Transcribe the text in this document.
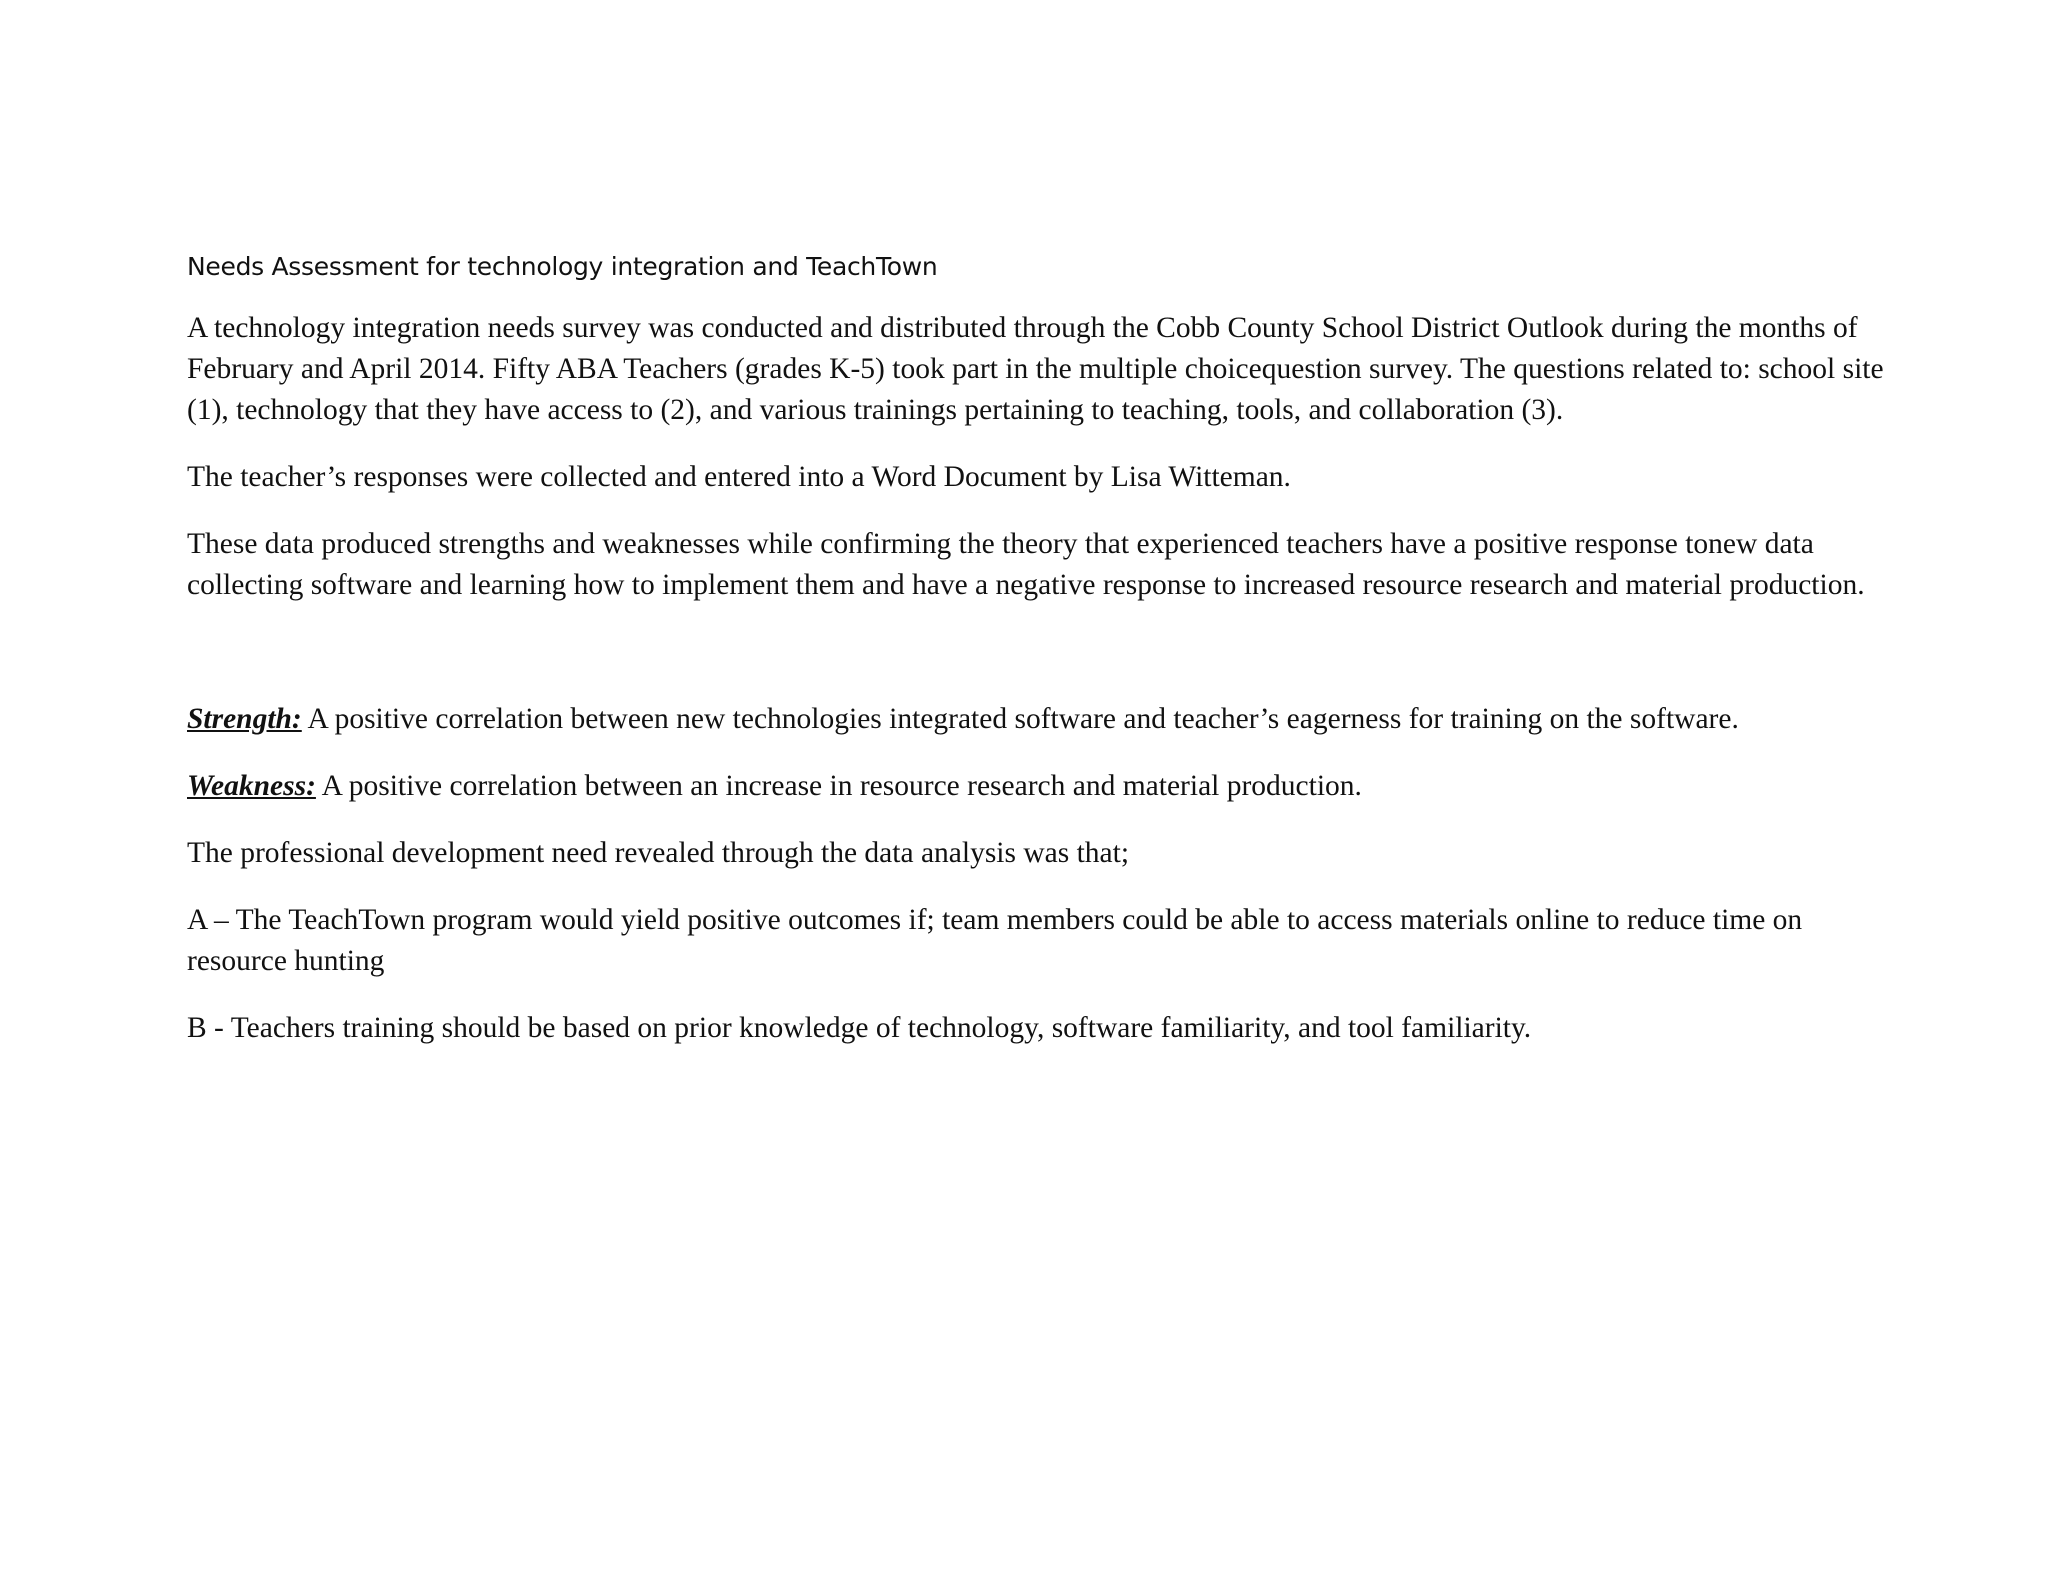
Needs Assessment for technology integration and TeachTown

A technology integration needs survey was conducted and distributed through the Cobb County School District Outlook during the months of February and April 2014. Fifty ABA Teachers (grades K-5) took part in the multiple choicequestion survey. The questions related to: school site (1), technology that they have access to (2), and various trainings pertaining to teaching, tools, and collaboration (3).

The teacher’s responses were collected and entered into a Word Document by Lisa Witteman.

These data produced strengths and weaknesses while confirming the theory that experienced teachers have a positive response tonew data collecting software and learning how to implement them and have a negative response to increased resource research and material production.

Strength: A positive correlation between new technologies integrated software and teacher’s eagerness for training on the software.

Weakness: A positive correlation between an increase in resource research and material production.

The professional development need revealed through the data analysis was that;

A – The TeachTown program would yield positive outcomes if; team members could be able to access materials online to reduce time on resource hunting

B - Teachers training should be based on prior knowledge of technology, software familiarity, and tool familiarity.
